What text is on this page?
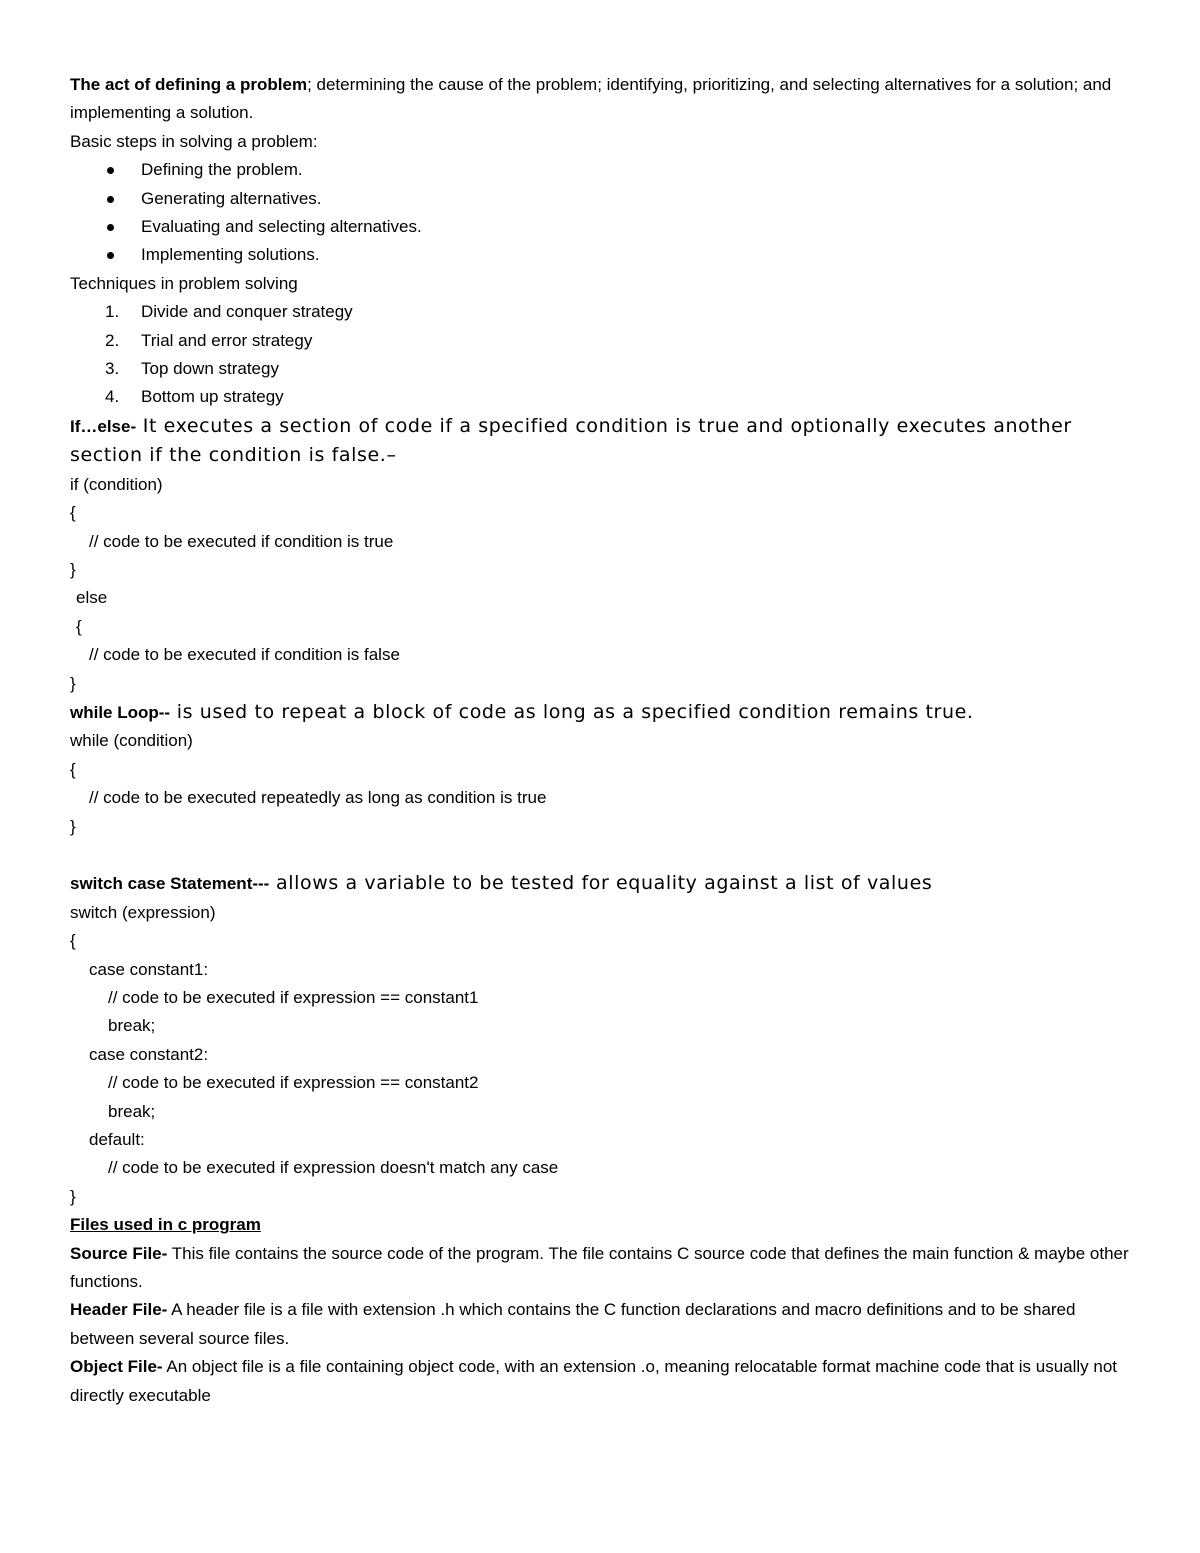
The act of defining a problem; determining the cause of the problem; identifying, prioritizing, and selecting alternatives for a solution; and implementing a solution.

Basic steps in solving a problem:

Defining the problem.
Generating alternatives.
Evaluating and selecting alternatives.
Implementing solutions.

Techniques in problem solving

1. Divide and conquer strategy
2. Trial and error strategy
3. Top down strategy
4. Bottom up strategy

If…else- It executes a section of code if a specified condition is true and optionally executes another section if the condition is false.–

if (condition)
{
// code to be executed if condition is true
}
else
{
// code to be executed if condition is false
}

while Loop-- is used to repeat a block of code as long as a specified condition remains true.

while (condition)
{
// code to be executed repeatedly as long as condition is true
}

switch case Statement--- allows a variable to be tested for equality against a list of values

switch (expression)
{
case constant1:
// code to be executed if expression == constant1
break;
case constant2:
// code to be executed if expression == constant2
break;
default:
// code to be executed if expression doesn't match any case
}

Files used in c program

Source File- This file contains the source code of the program. The file contains C source code that defines the main function & maybe other functions.

Header File- A header file is a file with extension .h which contains the C function declarations and macro definitions and to be shared between several source files.

Object File- An object file is a file containing object code, with an extension .o, meaning relocatable format machine code that is usually not directly executable
